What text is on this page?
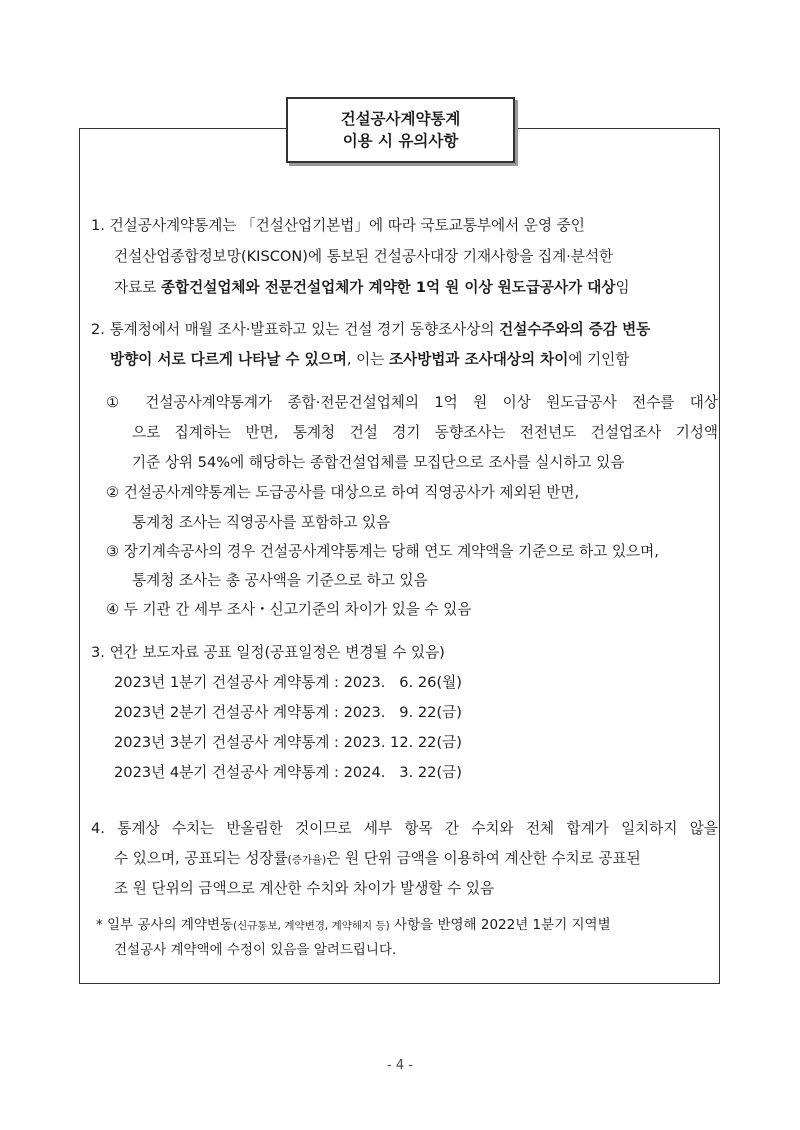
건설공사계약통계
이용 시 유의사항
1. 건설공사계약통계는 「건설산업기본법」에 따라 국토교통부에서 운영 중인
건설산업종합정보망(KISCON)에 통보된 건설공사대장 기재사항을 집계·분석한
자료로 종합건설업체와 전문건설업체가 계약한 1억 원 이상 원도급공사가 대상임
2. 통계청에서 매월 조사·발표하고 있는 건설 경기 동향조사상의 건설수주와의 증감 변동
방향이 서로 다르게 나타날 수 있으며, 이는 조사방법과 조사대상의 차이에 기인함
① 건설공사계약통계가 종합·전문건설업체의 1억 원 이상 원도급공사 전수를 대상
으로 집계하는 반면, 통계청 건설 경기 동향조사는 전전년도 건설업조사 기성액
기준 상위 54%에 해당하는 종합건설업체를 모집단으로 조사를 실시하고 있음
② 건설공사계약통계는 도급공사를 대상으로 하여 직영공사가 제외된 반면,
통계청 조사는 직영공사를 포함하고 있음
③ 장기계속공사의 경우 건설공사계약통계는 당해 연도 계약액을 기준으로 하고 있으며,
통계청 조사는 총 공사액을 기준으로 하고 있음
④ 두 기관 간 세부 조사・신고기준의 차이가 있을 수 있음
3. 연간 보도자료 공표 일정(공표일정은 변경될 수 있음)
2023년 1분기 건설공사 계약통계 : 2023.   6. 26(월)
2023년 2분기 건설공사 계약통계 : 2023.   9. 22(금)
2023년 3분기 건설공사 계약통계 : 2023. 12. 22(금)
2023년 4분기 건설공사 계약통계 : 2024.   3. 22(금)
4. 통계상 수치는 반올림한 것이므로 세부 항목 간 수치와 전체 합계가 일치하지 않을
수 있으며, 공표되는 성장률(증가율)은 원 단위 금액을 이용하여 계산한 수치로 공표된
조 원 단위의 금액으로 계산한 수치와 차이가 발생할 수 있음
* 일부 공사의 계약변동(신규통보, 계약변경, 계약해지 등) 사항을 반영해 2022년 1분기 지역별
건설공사 계약액에 수정이 있음을 알려드립니다.
- 4 -
